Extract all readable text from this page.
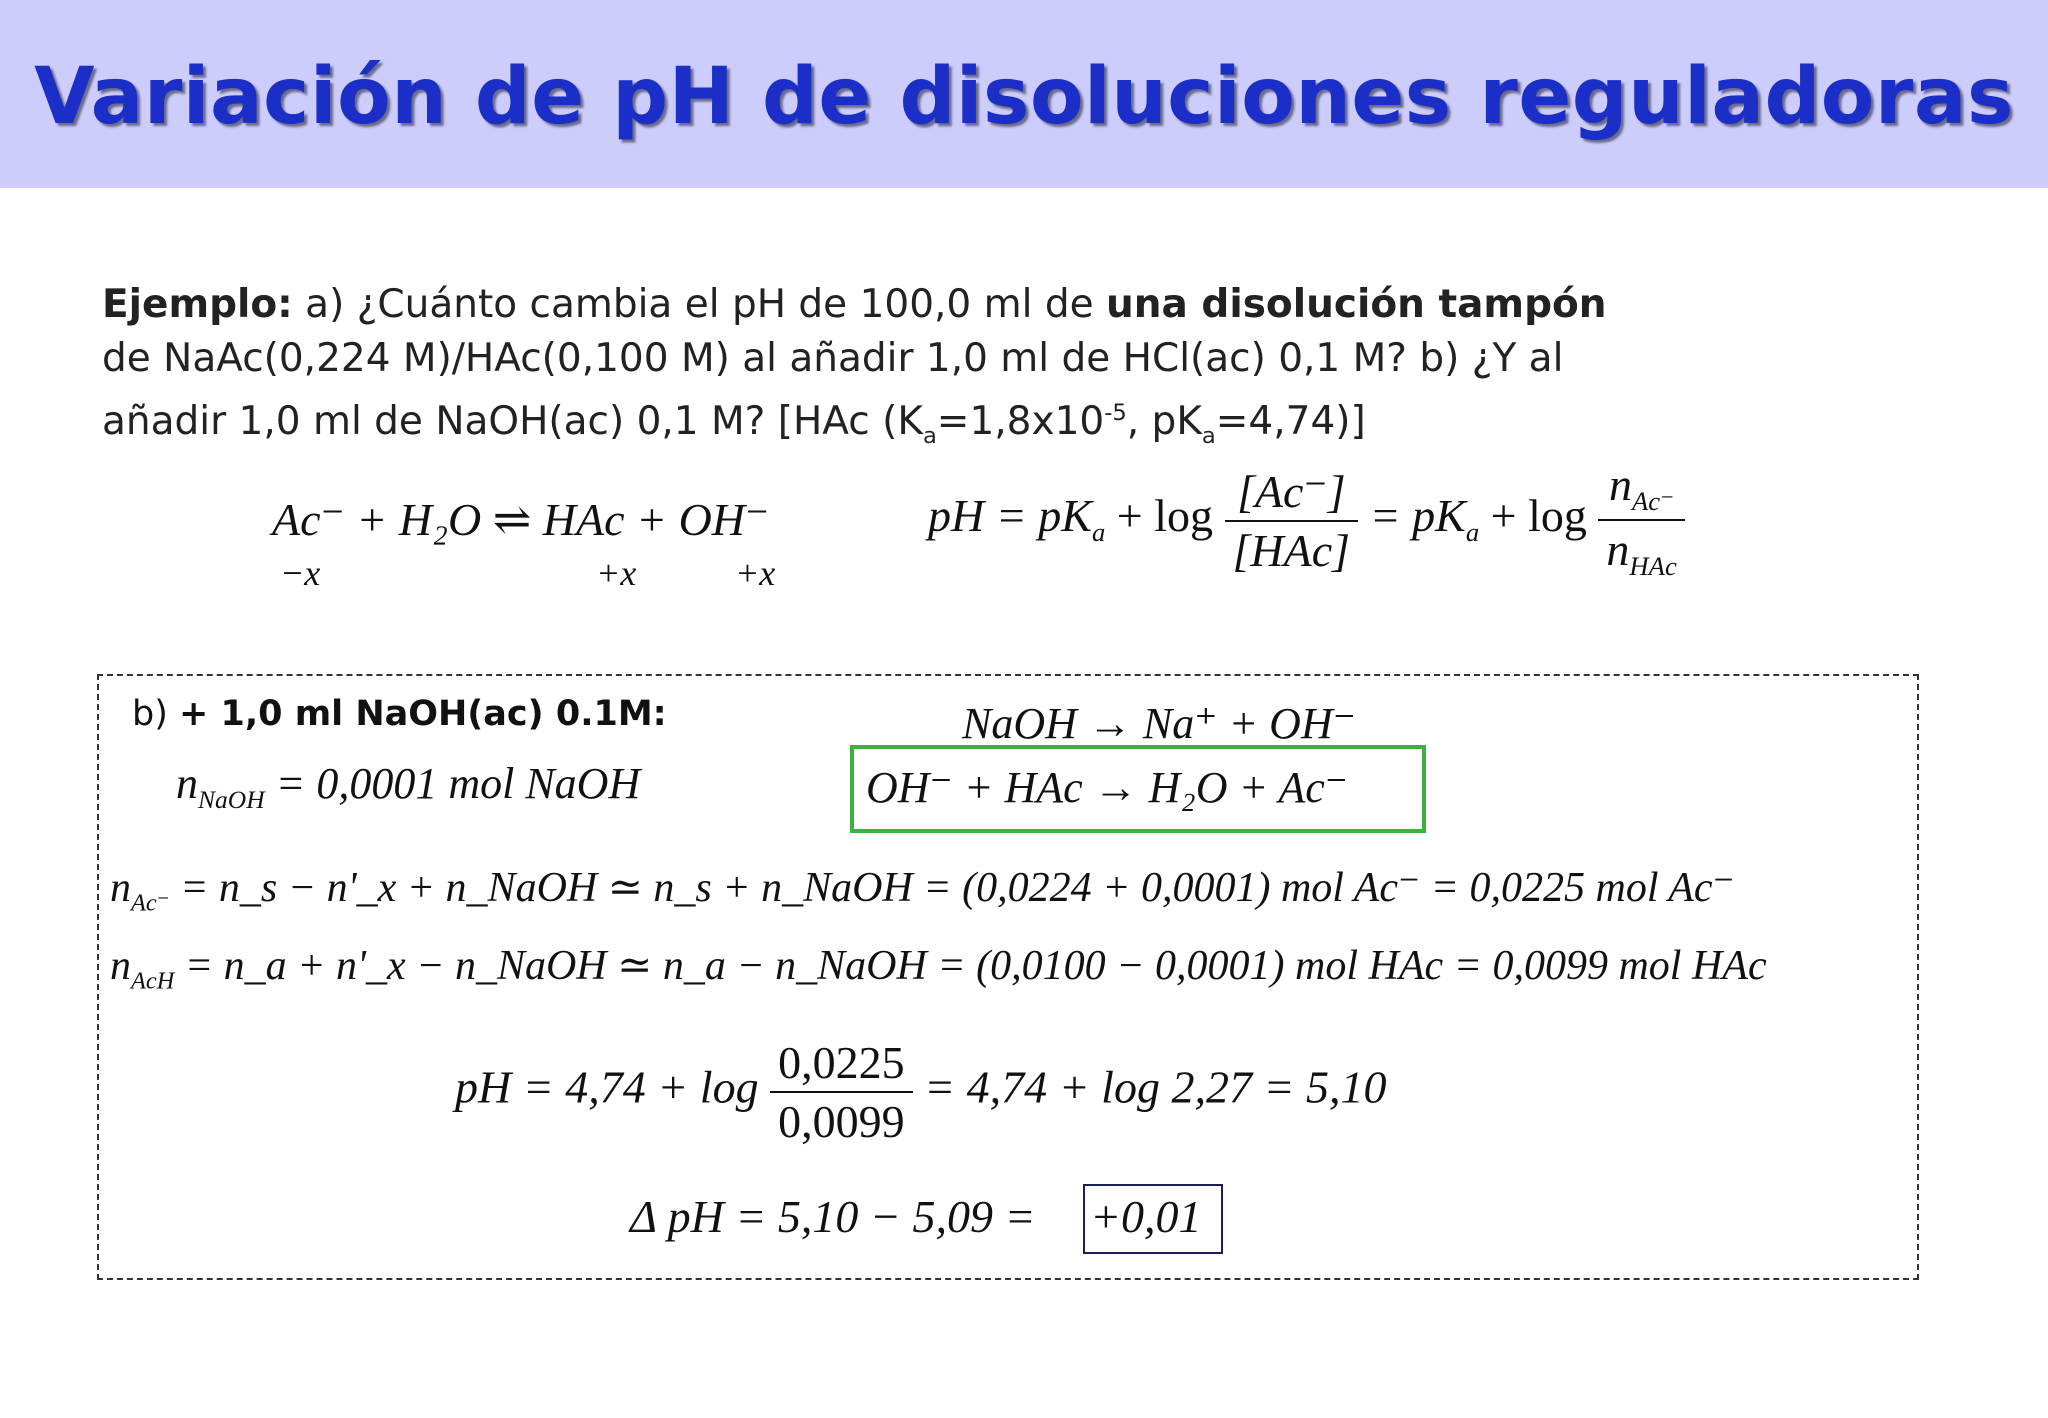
Variación de pH de disoluciones reguladoras
Ejemplo: a) ¿Cuánto cambia el pH de 100,0 ml de una disolución tampón
de NaAc(0,224 M)/HAc(0,100 M) al añadir 1,0 ml de HCl(ac) 0,1 M? b) ¿Y al
añadir 1,0 ml de NaOH(ac) 0,1 M? [HAc ($K_a=1,8x10^{-5}$, $pK_a=4,74$)]
Ac⁻ + H₂O ⇌ HAc + OH⁻
−x	+x	+x
pH = $pK_a + \log \frac{[Ac^-]}{\text{[HAc]}} = pK_a + \log \frac{n_{Ac^-}}{n_{HAc}}$
b) + 1,0 ml NaOH(ac) 0.1M:	NaOH → Na⁺ + OH⁻
$n_{NaOH} = 0,0001$ mol NaOH	OH⁻ + HAc → H₂O + Ac⁻
$n_{Ac^-}$ = n_s − n'_x + n_NaOH ≃ n_s + n_NaOH = (0,0224 + 0,0001) mol Ac⁻ = 0,0225 mol Ac⁻
$n_{AcH}$ = n_a + n'_x − n_NaOH ≃ n_a − n_NaOH = (0,0100 − 0,0001) mol HAc = 0,0099 mol HAc
pH = $4,74 + \log \frac{0,0225}{0,0099} = 4,74 + \log 2,27 = 5,10$
Δ pH = 5,10 − 5,09 = +0,01
